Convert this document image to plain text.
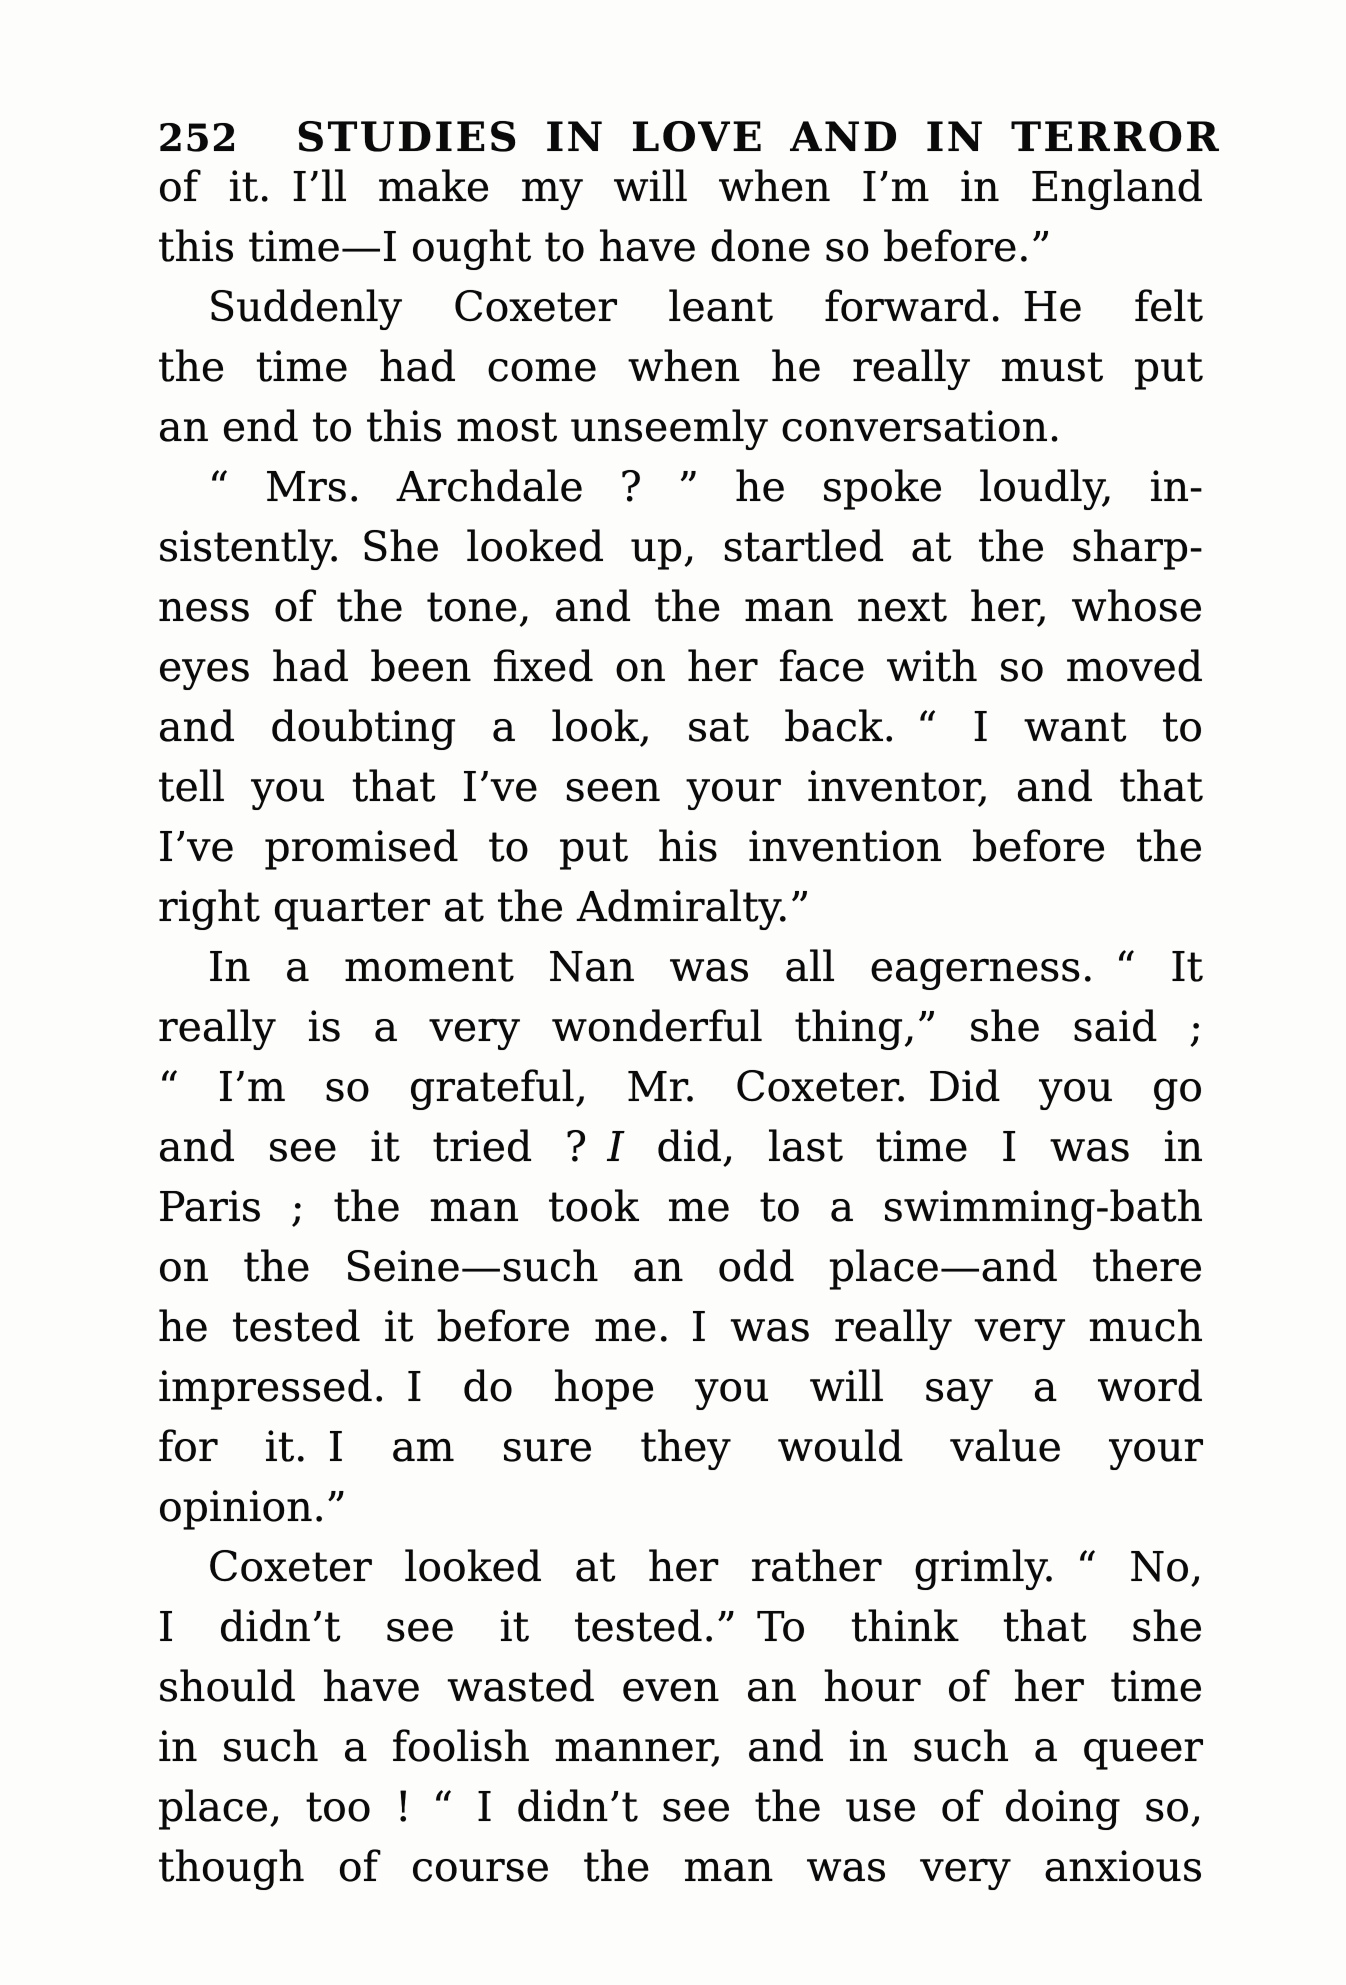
252 STUDIES IN LOVE AND IN TERROR
of it. I’ll make my will when I’m in England
this time—I ought to have done so before.”
Suddenly Coxeter leant forward. He felt
the time had come when he really must put
an end to this most unseemly conversation.
“ Mrs. Archdale ? ” he spoke loudly, in-
sistently. She looked up, startled at the sharp-
ness of the tone, and the man next her, whose
eyes had been fixed on her face with so moved
and doubting a look, sat back. “ I want to
tell you that I’ve seen your inventor, and that
I’ve promised to put his invention before the
right quarter at the Admiralty.”
In a moment Nan was all eagerness. “ It
really is a very wonderful thing,” she said ;
“ I’m so grateful, Mr. Coxeter. Did you go
and see it tried ? I did, last time I was in
Paris ; the man took me to a swimming-bath
on the Seine—such an odd place—and there
he tested it before me. I was really very much
impressed. I do hope you will say a word
for it. I am sure they would value your
opinion.”
Coxeter looked at her rather grimly. “ No,
I didn’t see it tested.” To think that she
should have wasted even an hour of her time
in such a foolish manner, and in such a queer
place, too ! “ I didn’t see the use of doing so,
though of course the man was very anxious
